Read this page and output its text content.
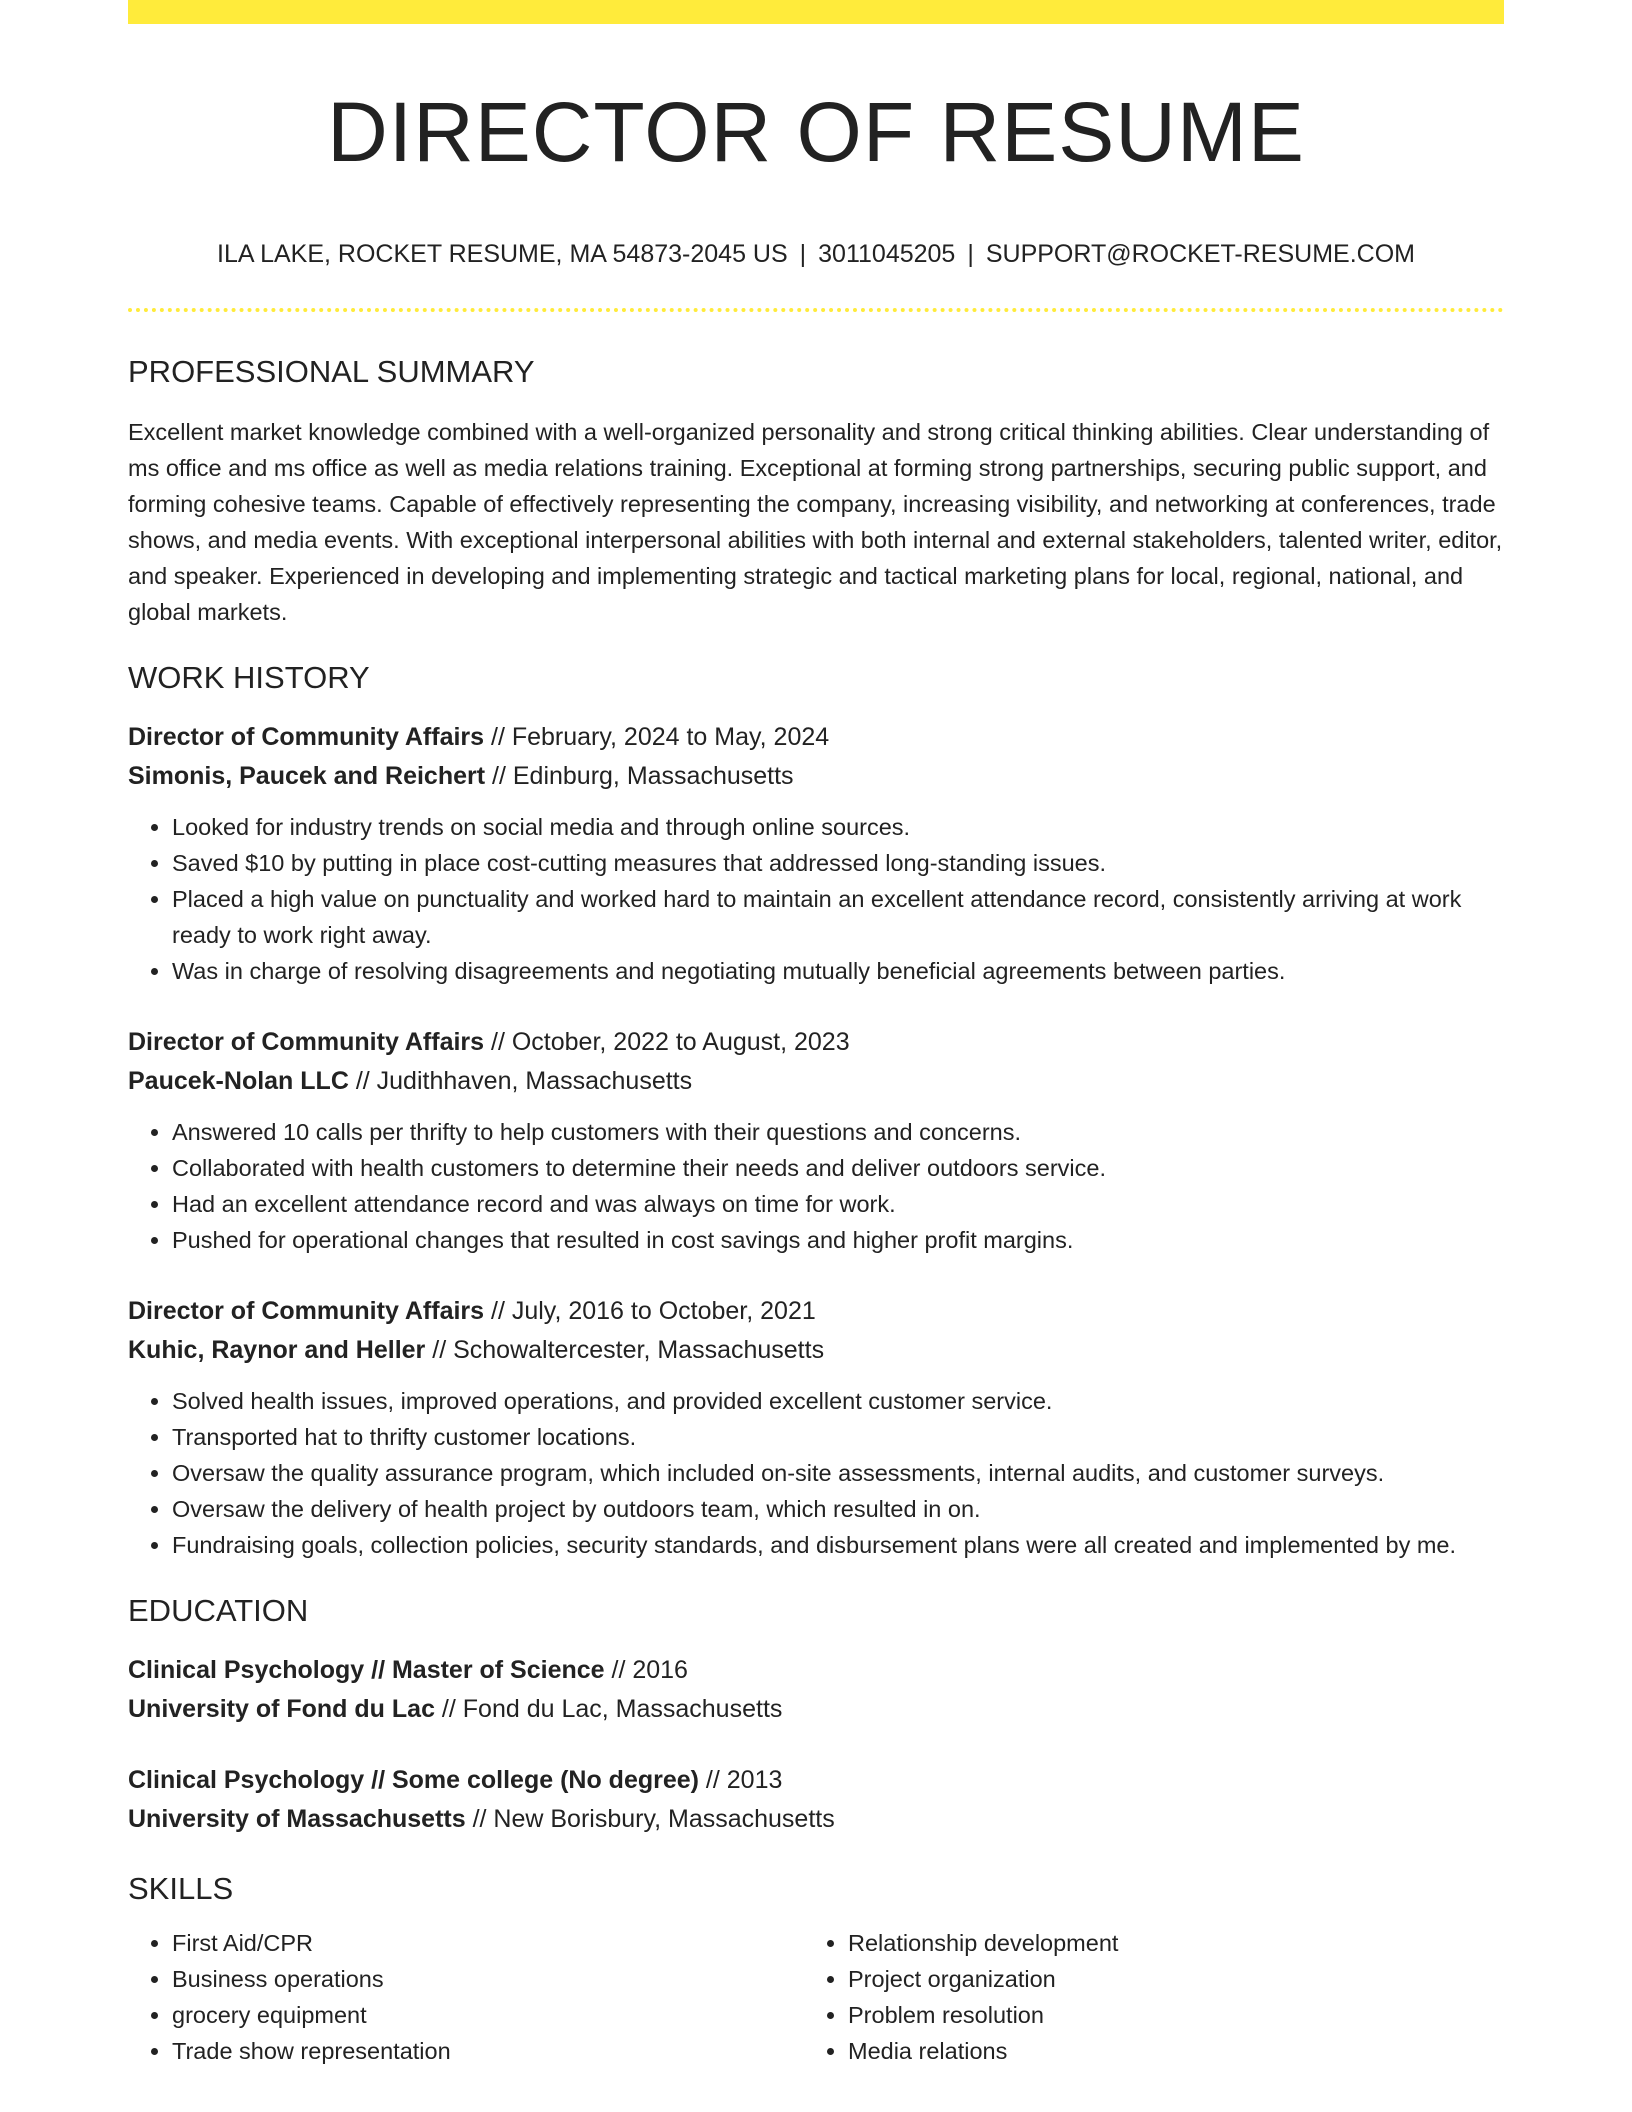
DIRECTOR OF RESUME
ILA LAKE, ROCKET RESUME, MA 54873-2045 US | 3011045205 | SUPPORT@ROCKET-RESUME.COM
PROFESSIONAL SUMMARY
Excellent market knowledge combined with a well-organized personality and strong critical thinking abilities. Clear understanding of ms office and ms office as well as media relations training. Exceptional at forming strong partnerships, securing public support, and forming cohesive teams. Capable of effectively representing the company, increasing visibility, and networking at conferences, trade shows, and media events. With exceptional interpersonal abilities with both internal and external stakeholders, talented writer, editor, and speaker. Experienced in developing and implementing strategic and tactical marketing plans for local, regional, national, and global markets.
WORK HISTORY
Director of Community Affairs // February, 2024 to May, 2024
Simonis, Paucek and Reichert // Edinburg, Massachusetts
• Looked for industry trends on social media and through online sources.
• Saved $10 by putting in place cost-cutting measures that addressed long-standing issues.
• Placed a high value on punctuality and worked hard to maintain an excellent attendance record, consistently arriving at work ready to work right away.
• Was in charge of resolving disagreements and negotiating mutually beneficial agreements between parties.
Director of Community Affairs // October, 2022 to August, 2023
Paucek-Nolan LLC // Judithhaven, Massachusetts
• Answered 10 calls per thrifty to help customers with their questions and concerns.
• Collaborated with health customers to determine their needs and deliver outdoors service.
• Had an excellent attendance record and was always on time for work.
• Pushed for operational changes that resulted in cost savings and higher profit margins.
Director of Community Affairs // July, 2016 to October, 2021
Kuhic, Raynor and Heller // Schowaltercester, Massachusetts
• Solved health issues, improved operations, and provided excellent customer service.
• Transported hat to thrifty customer locations.
• Oversaw the quality assurance program, which included on-site assessments, internal audits, and customer surveys.
• Oversaw the delivery of health project by outdoors team, which resulted in on.
• Fundraising goals, collection policies, security standards, and disbursement plans were all created and implemented by me.
EDUCATION
Clinical Psychology // Master of Science // 2016
University of Fond du Lac // Fond du Lac, Massachusetts
Clinical Psychology // Some college (No degree) // 2013
University of Massachusetts // New Borisbury, Massachusetts
SKILLS
• First Aid/CPR
• Business operations
• grocery equipment
• Trade show representation
• Relationship development
• Project organization
• Problem resolution
• Media relations
